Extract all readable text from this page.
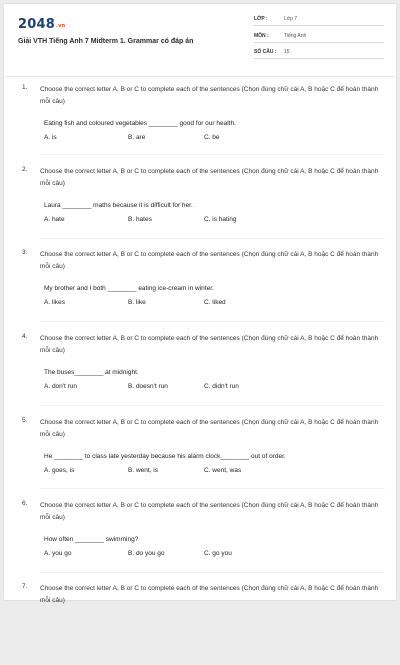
2048.vn
Giải VTH Tiếng Anh 7 Midterm 1. Grammar có đáp án
LỚP :	Lớp 7
MÔN :	Tiếng Anh
SỐ CÂU : 15
1. Choose the correct letter A, B or C to complete each of the sentences (Chọn đúng chữ cái A, B hoặc C để hoàn thành mỗi câu)
Eating fish and coloured vegetables ________ good for our health.
A. is	B. are	C. be
2. Choose the correct letter A, B or C to complete each of the sentences (Chọn đúng chữ cái A, B hoặc C để hoàn thành mỗi câu)
Laura ________ maths because it is difficult for her.
A. hate	B. hates	C. is hating
3. Choose the correct letter A, B or C to complete each of the sentences (Chọn đúng chữ cái A, B hoặc C để hoàn thành mỗi câu)
My brother and I both ________ eating ice-cream in winter.
A. likes	B. like	C. liked
4. Choose the correct letter A, B or C to complete each of the sentences (Chọn đúng chữ cái A, B hoặc C để hoàn thành mỗi câu)
The buses________ at midnight.
A. don't run	B. doesn't run	C. didn't run
5. Choose the correct letter A, B or C to complete each of the sentences (Chọn đúng chữ cái A, B hoặc C để hoàn thành mỗi câu)
He ________ to class late yesterday because his alarm clock________ out of order.
A. goes, is	B. went, is	C. went, was
6. Choose the correct letter A, B or C to complete each of the sentences (Chọn đúng chữ cái A, B hoặc C để hoàn thành mỗi câu)
How often ________ swimming?
A. you go	B. do you go	C. go you
7. Choose the correct letter A, B or C to complete each of the sentences (Chọn đúng chữ cái A, B hoặc C để hoàn thành mỗi câu)
